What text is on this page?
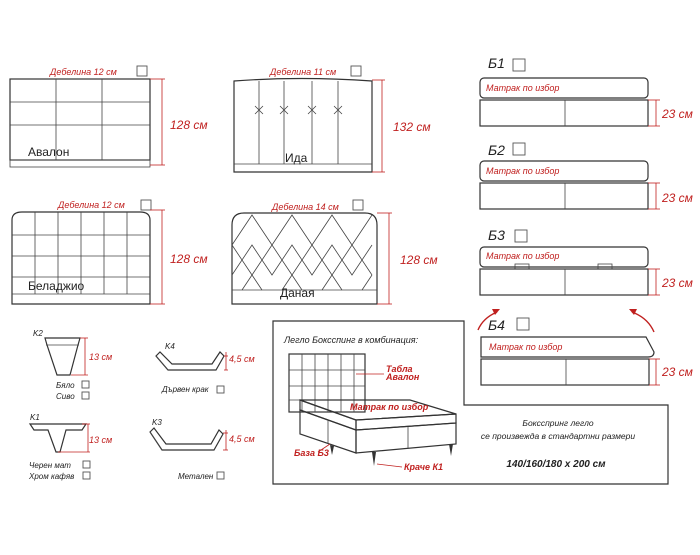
Дебелина 12 см
Авалон
128 см
Дебелина 11 см
Ида
132 см
Дебелина 12 см
Беладжио
128 см
Дебелина 14 см
Даная
128 см
Б1
Матрак по избор
23 см
Б2
Матрак по избор
23 см
Б3
Матрак по избор
23 см
Б4
Матрак по избор
23 см
K2
13 см
Бяло
Сиво
K4
4,5 см
Дървен крак
K1
13 см
Черен мат
Хром кафяв
K3
4,5 см
Метален
Легло Боксспинг в комбинация:
Табла
Авалон
Матрак по избор
База Б3
Краче К1
Боксспринг легло
се произвежда в стандартни размери
140/160/180 x 200 см
